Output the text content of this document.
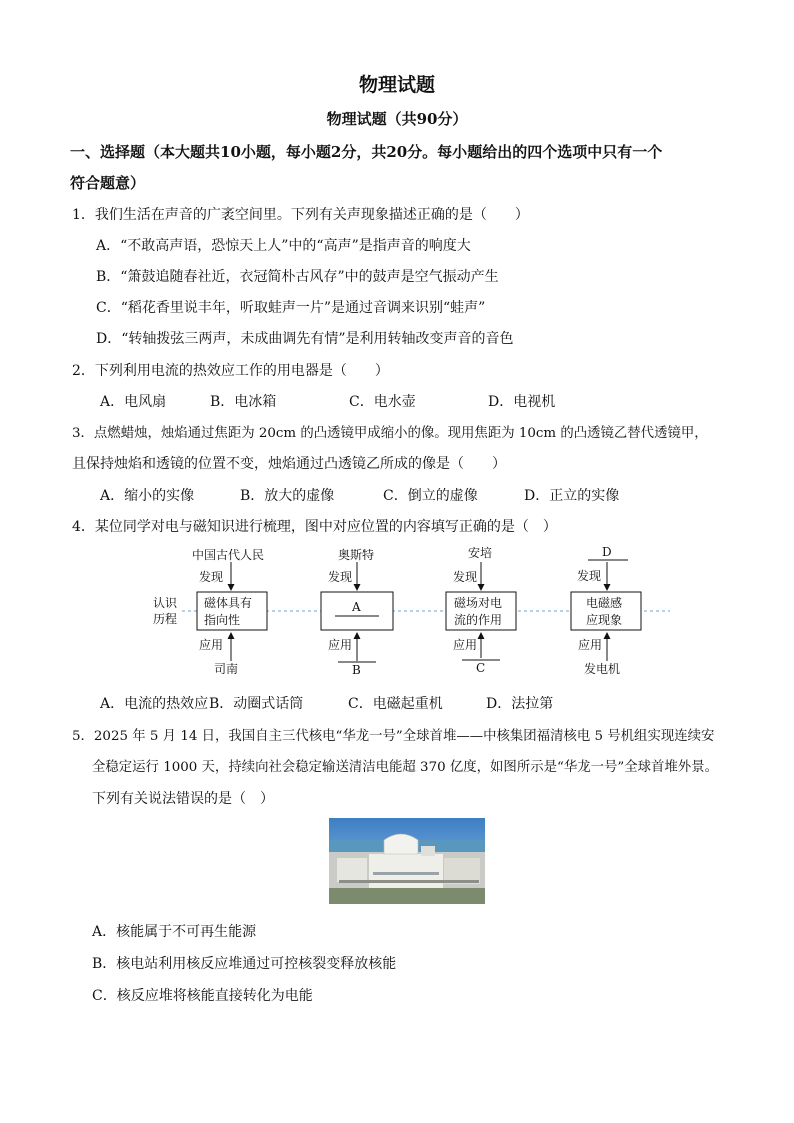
物理试题
物理试题（共90分）
一、选择题（本大题共10小题，每小题2分，共20分。每小题给出的四个选项中只有一个
符合题意）
1．我们生活在声音的广袤空间里。下列有关声现象描述正确的是（　　）
A．“不敢高声语，恐惊天上人”中的“高声”是指声音的响度大
B．“箫鼓追随春社近，衣冠简朴古风存”中的鼓声是空气振动产生
C．“稻花香里说丰年，听取蛙声一片”是通过音调来识别“蛙声”
D．“转轴拨弦三两声，未成曲调先有情”是利用转轴改变声音的音色
2．下列利用电流的热效应工作的用电器是（　　）
A．电风扇	B．电冰箱	C．电水壶	D．电视机
3．点燃蜡烛，烛焰通过焦距为 20cm 的凸透镜甲成缩小的像。现用焦距为 10cm 的凸透镜乙替代透镜甲，
且保持烛焰和透镜的位置不变，烛焰通过凸透镜乙所成的像是（　　）
A．缩小的实像	B．放大的虚像	C．倒立的虚像	D．正立的实像
4．某位同学对电与磁知识进行梳理，图中对应位置的内容填写正确的是（　）
认识
历程
中国古代人民
发现
磁体具有
指向性
应用
司南
奥斯特
发现
A
应用
B
安培
发现
磁场对电
流的作用
应用
C
D
发现
电磁感
应现象
应用
发电机
A．电流的热效应 B．动圈式话筒	C．电磁起重机	D．法拉第
5．2025 年 5 月 14 日，我国自主三代核电“华龙一号”全球首堆——中核集团福清核电 5 号机组实现连续安
全稳定运行 1000 天，持续向社会稳定输送清洁电能超 370 亿度，如图所示是“华龙一号”全球首堆外景。
下列有关说法错误的是（　）
A．核能属于不可再生能源
B．核电站利用核反应堆通过可控核裂变释放核能
C．核反应堆将核能直接转化为电能
